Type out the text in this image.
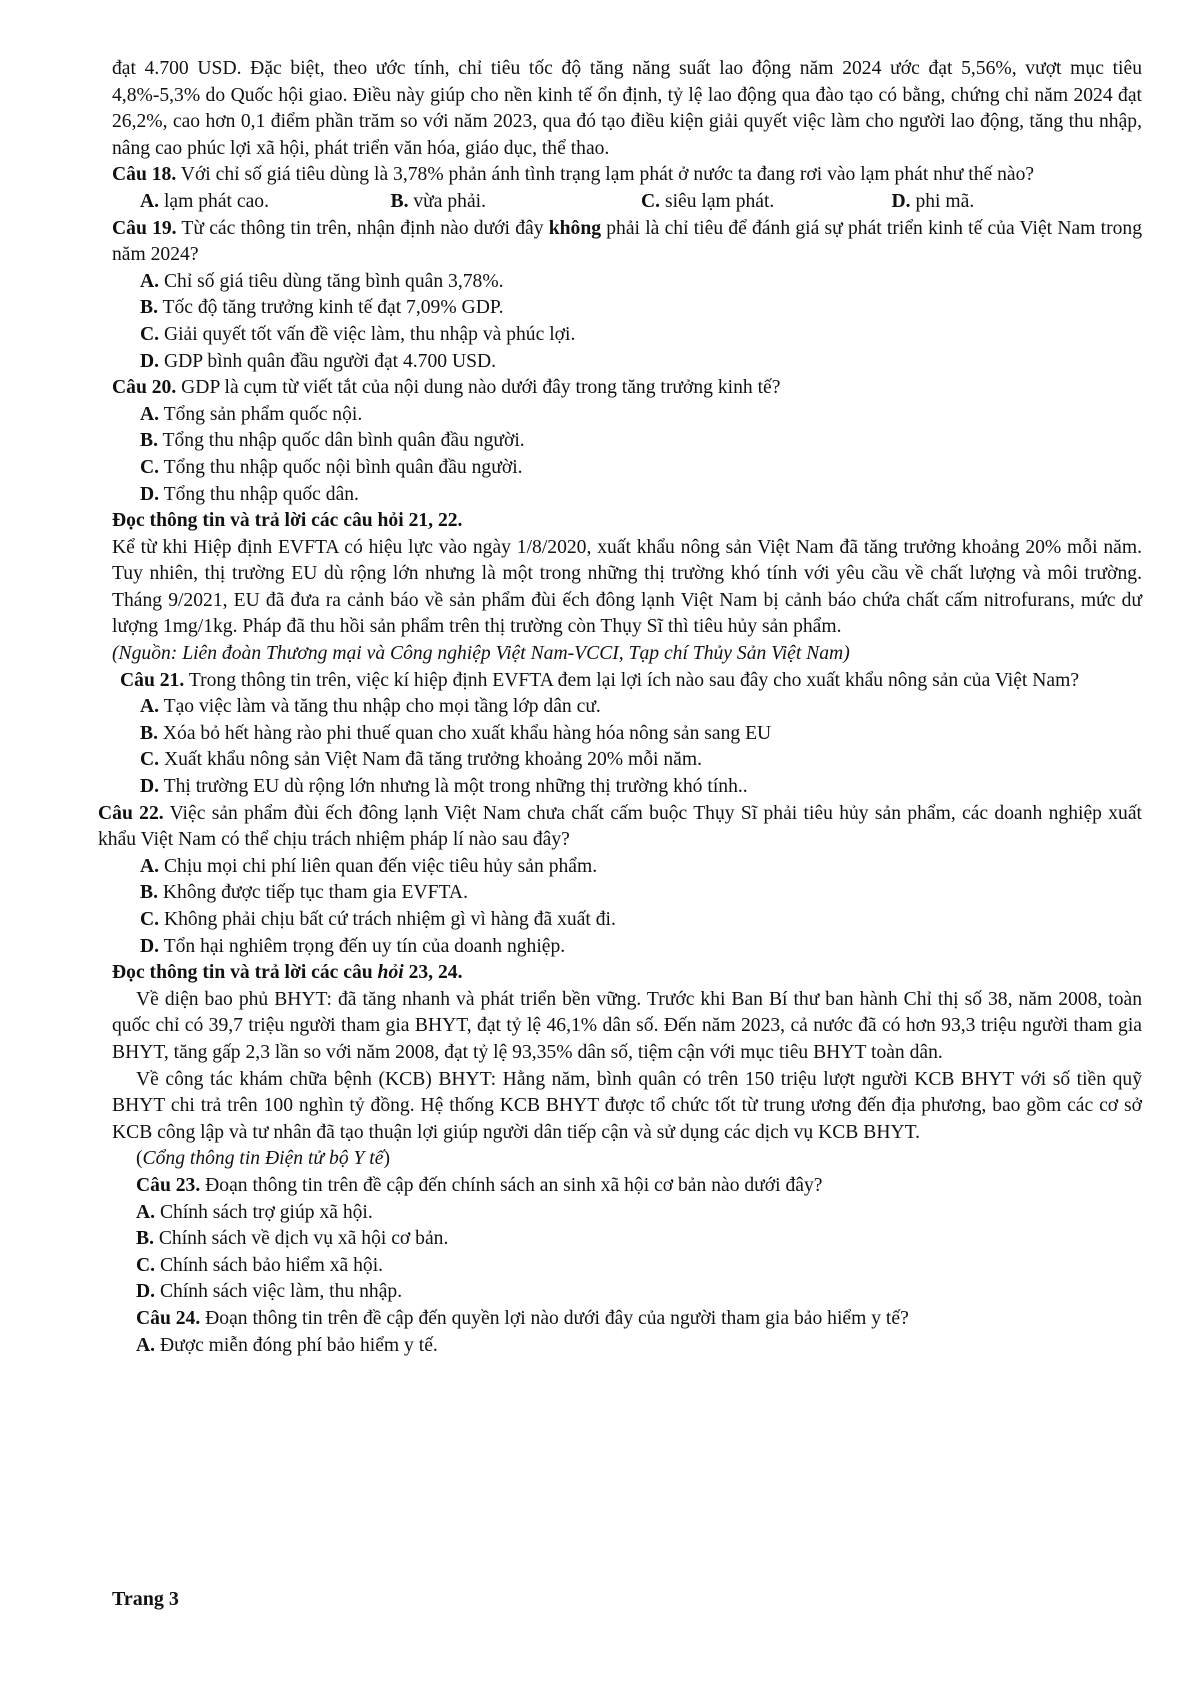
đạt 4.700 USD. Đặc biệt, theo ước tính, chỉ tiêu tốc độ tăng năng suất lao động năm 2024 ước đạt 5,56%, vượt mục tiêu 4,8%-5,3% do Quốc hội giao. Điều này giúp cho nền kinh tế ổn định, tỷ lệ lao động qua đào tạo có bằng, chứng chỉ năm 2024 đạt 26,2%, cao hơn 0,1 điểm phần trăm so với năm 2023, qua đó tạo điều kiện giải quyết việc làm cho người lao động, tăng thu nhập, nâng cao phúc lợi xã hội, phát triển văn hóa, giáo dục, thể thao.

Câu 18. Với chỉ số giá tiêu dùng là 3,78% phản ánh tình trạng lạm phát ở nước ta đang rơi vào lạm phát như thế nào?

A. lạm phát cao.	B. vừa phải.	C. siêu lạm phát.	D. phi mã.

Câu 19. Từ các thông tin trên, nhận định nào dưới đây không phải là chỉ tiêu để đánh giá sự phát triển kinh tế của Việt Nam trong năm 2024?

A. Chỉ số giá tiêu dùng tăng bình quân 3,78%.

B. Tốc độ tăng trưởng kinh tế đạt 7,09% GDP.

C. Giải quyết tốt vấn đề việc làm, thu nhập và phúc lợi.

D. GDP bình quân đầu người đạt 4.700 USD.

Câu 20. GDP là cụm từ viết tắt của nội dung nào dưới đây trong tăng trưởng kinh tế?

A. Tổng sản phẩm quốc nội.

B. Tổng thu nhập quốc dân bình quân đầu người.

C. Tổng thu nhập quốc nội bình quân đầu người.

D. Tổng thu nhập quốc dân.

Đọc thông tin và trả lời các câu hỏi 21, 22.

Kể từ khi Hiệp định EVFTA có hiệu lực vào ngày 1/8/2020, xuất khẩu nông sản Việt Nam đã tăng trưởng khoảng 20% mỗi năm. Tuy nhiên, thị trường EU dù rộng lớn nhưng là một trong những thị trường khó tính với yêu cầu về chất lượng và môi trường. Tháng 9/2021, EU đã đưa ra cảnh báo về sản phẩm đùi ếch đông lạnh Việt Nam bị cảnh báo chứa chất cấm nitrofurans, mức dư lượng 1mg/1kg. Pháp đã thu hồi sản phẩm trên thị trường còn Thụy Sĩ thì tiêu hủy sản phẩm.

(Nguồn: Liên đoàn Thương mại và Công nghiệp Việt Nam-VCCI, Tạp chí Thủy Sản Việt Nam)

Câu 21. Trong thông tin trên, việc kí hiệp định EVFTA đem lại lợi ích nào sau đây cho xuất khẩu nông sản của Việt Nam?

A. Tạo việc làm và tăng thu nhập cho mọi tầng lớp dân cư.

B. Xóa bỏ hết hàng rào phi thuế quan cho xuất khẩu hàng hóa nông sản sang EU

C. Xuất khẩu nông sản Việt Nam đã tăng trưởng khoảng 20% mỗi năm.

D. Thị trường EU dù rộng lớn nhưng là một trong những thị trường khó tính..

Câu 22. Việc sản phẩm đùi ếch đông lạnh Việt Nam chưa chất cấm buộc Thụy Sĩ phải tiêu hủy sản phẩm, các doanh nghiệp xuất khẩu Việt Nam có thể chịu trách nhiệm pháp lí nào sau đây?

A. Chịu mọi chi phí liên quan đến việc tiêu hủy sản phẩm.

B. Không được tiếp tục tham gia EVFTA.

C. Không phải chịu bất cứ trách nhiệm gì vì hàng đã xuất đi.

D. Tổn hại nghiêm trọng đến uy tín của doanh nghiệp.

Đọc thông tin và trả lời các câu hỏi 23, 24.

Về diện bao phủ BHYT: đã tăng nhanh và phát triển bền vững. Trước khi Ban Bí thư ban hành Chỉ thị số 38, năm 2008, toàn quốc chỉ có 39,7 triệu người tham gia BHYT, đạt tỷ lệ 46,1% dân số. Đến năm 2023, cả nước đã có hơn 93,3 triệu người tham gia BHYT, tăng gấp 2,3 lần so với năm 2008, đạt tỷ lệ 93,35% dân số, tiệm cận với mục tiêu BHYT toàn dân.

Về công tác khám chữa bệnh (KCB) BHYT: Hằng năm, bình quân có trên 150 triệu lượt người KCB BHYT với số tiền quỹ BHYT chi trả trên 100 nghìn tỷ đồng. Hệ thống KCB BHYT được tổ chức tốt từ trung ương đến địa phương, bao gồm các cơ sở KCB công lập và tư nhân đã tạo thuận lợi giúp người dân tiếp cận và sử dụng các dịch vụ KCB BHYT.

(Cổng thông tin Điện tử bộ Y tế)

Câu 23. Đoạn thông tin trên đề cập đến chính sách an sinh xã hội cơ bản nào dưới đây?

A. Chính sách trợ giúp xã hội.

B. Chính sách về dịch vụ xã hội cơ bản.

C. Chính sách bảo hiểm xã hội.

D. Chính sách việc làm, thu nhập.

Câu 24. Đoạn thông tin trên đề cập đến quyền lợi nào dưới đây của người tham gia bảo hiểm y tế?

A. Được miễn đóng phí bảo hiểm y tế.

Trang 3
